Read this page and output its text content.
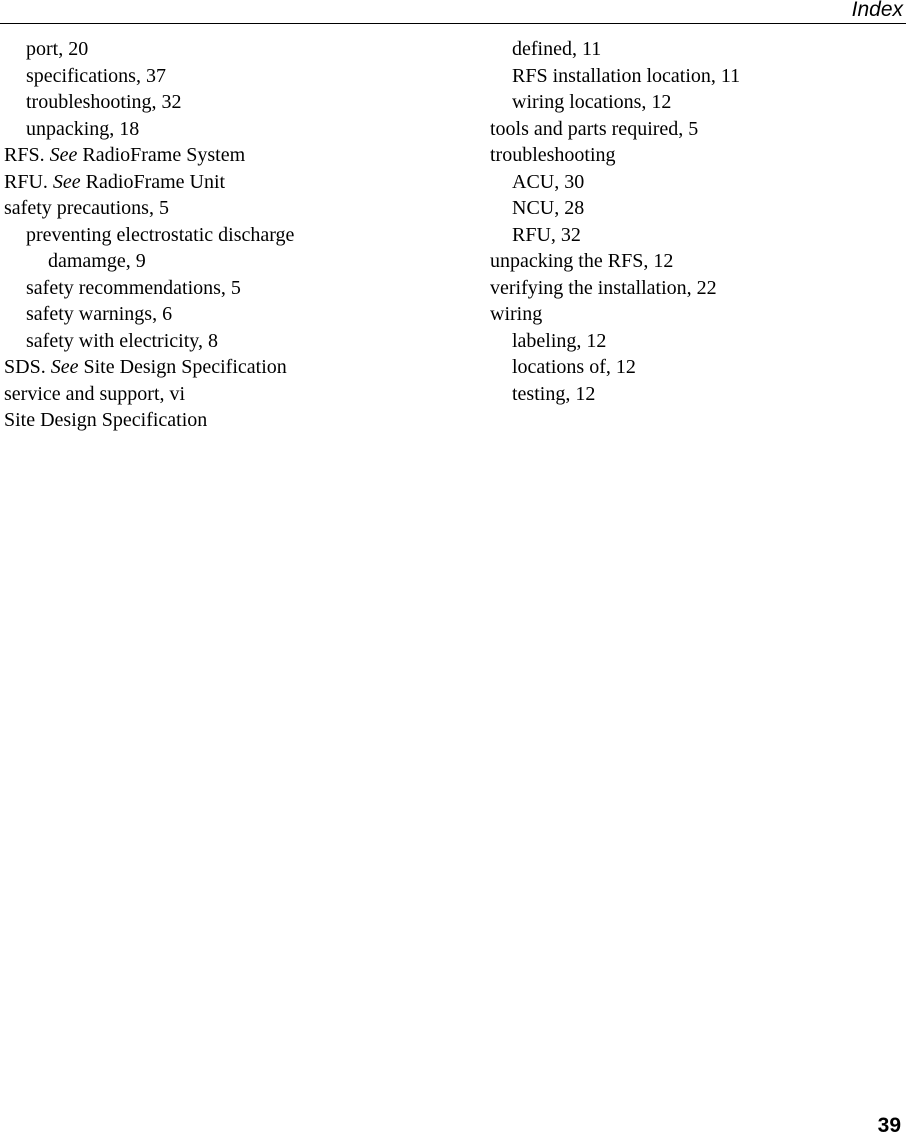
Index
port, 20
specifications, 37
troubleshooting, 32
unpacking, 18
RFS. See RadioFrame System
RFU. See RadioFrame Unit
safety precautions, 5
preventing electrostatic discharge
damamge, 9
safety recommendations, 5
safety warnings, 6
safety with electricity, 8
SDS. See Site Design Specification
service and support, vi
Site Design Specification
defined, 11
RFS installation location, 11
wiring locations, 12
tools and parts required, 5
troubleshooting
ACU, 30
NCU, 28
RFU, 32
unpacking the RFS, 12
verifying the installation, 22
wiring
labeling, 12
locations of, 12
testing, 12
39
